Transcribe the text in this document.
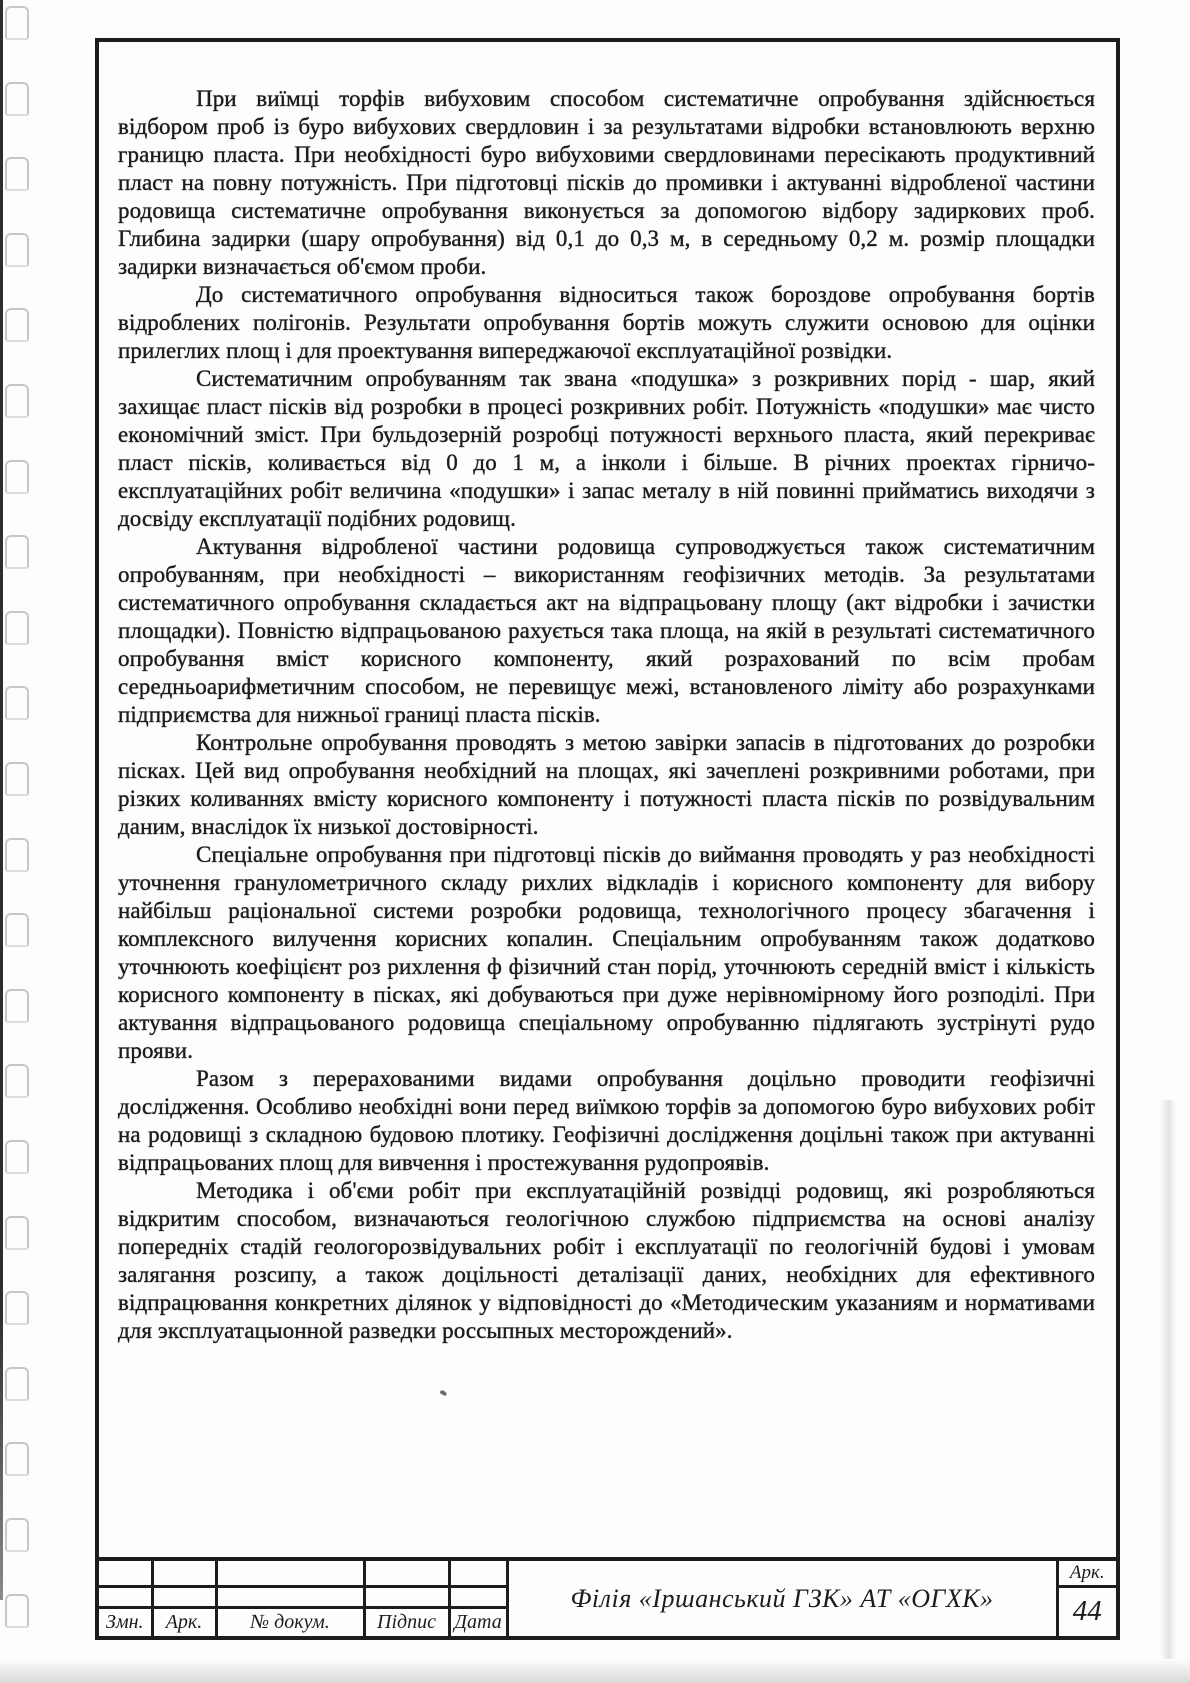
При виїмці торфів вибуховим способом систематичне опробування здійснюється відбором проб із буро вибухових свердловин і за результатами відробки встановлюють верхню границю пласта. При необхідності буро вибуховими свердловинами пересікають продуктивний пласт на повну потужність. При підготовці пісків до промивки і актуванні відробленої частини родовища систематичне опробування виконується за допомогою відбору задиркових проб. Глибина задирки (шару опробування) від 0,1 до 0,3 м, в середньому 0,2 м. розмір площадки задирки визначається об'ємом проби.

До систематичного опробування відноситься також бороздове опробування бортів відроблених полігонів. Результати опробування бортів можуть служити основою для оцінки прилеглих площ і для проектування випереджаючої експлуатаційної розвідки.

Систематичним опробуванням так звана «подушка» з розкривних порід - шар, який захищає пласт пісків від розробки в процесі розкривних робіт. Потужність «подушки» має чисто економічний зміст. При бульдозерній розробці потужності верхнього пласта, який перекриває пласт пісків, коливається від 0 до 1 м, а інколи і більше. В річних проектах гірничо-експлуатаційних робіт величина «подушки» і запас металу в ній повинні прийматись виходячи з досвіду експлуатації подібних родовищ.

Актування відробленої частини родовища супроводжується також систематичним опробуванням, при необхідності – використанням геофізичних методів. За результатами систематичного опробування складається акт на відпрацьовану площу (акт відробки і зачистки площадки). Повністю відпрацьованою рахується така площа, на якій в результаті систематичного опробування вміст корисного компоненту, який розрахований по всім пробам середньоарифметичним способом, не перевищує межі, встановленого ліміту або розрахунками підприємства для нижньої границі пласта пісків.

Контрольне опробування проводять з метою завірки запасів в підготованих до розробки пісках. Цей вид опробування необхідний на площах, які зачеплені розкривними роботами, при різких коливаннях вмісту корисного компоненту і потужності пласта пісків по розвідувальним даним, внаслідок їх низької достовірності.

Спеціальне опробування при підготовці пісків до виймання проводять у раз необхідності уточнення гранулометричного складу рихлих відкладів і корисного компоненту для вибору найбільш раціональної системи розробки родовища, технологічного процесу збагачення і комплексного вилучення корисних копалин. Спеціальним опробуванням також додатково уточнюють коефіцієнт роз рихлення ф фізичний стан порід, уточнюють середній вміст і кількість корисного компоненту в пісках, які добуваються при дуже нерівномірному його розподілі. При актування відпрацьованого родовища спеціальному опробуванню підлягають зустрінуті рудо прояви.

Разом з перерахованими видами опробування доцільно проводити геофізичні дослідження. Особливо необхідні вони перед виїмкою торфів за допомогою буро вибухових робіт на родовищі з складною будовою плотику. Геофізичні дослідження доцільні також при актуванні відпрацьованих площ для вивчення і простежування рудопроявів.

Методика і об'єми робіт при експлуатаційній розвідці родовищ, які розробляються відкритим способом, визначаються геологічною службою підприємства на основі аналізу попередніх стадій геологорозвідувальних робіт і експлуатації по геологічній будові і умовам залягання розсипу, а також доцільності деталізації даних, необхідних для ефективного відпрацювання конкретних ділянок у відповідності до «Методическим указаниям и нормативами для эксплуатацыонной разведки россыпных месторождений».

					Філія «Іршанський ГЗК» АТ «ОГХК»	Арк.
						44
Змн.	Арк.	№ докум.	Підпис	Дата		
